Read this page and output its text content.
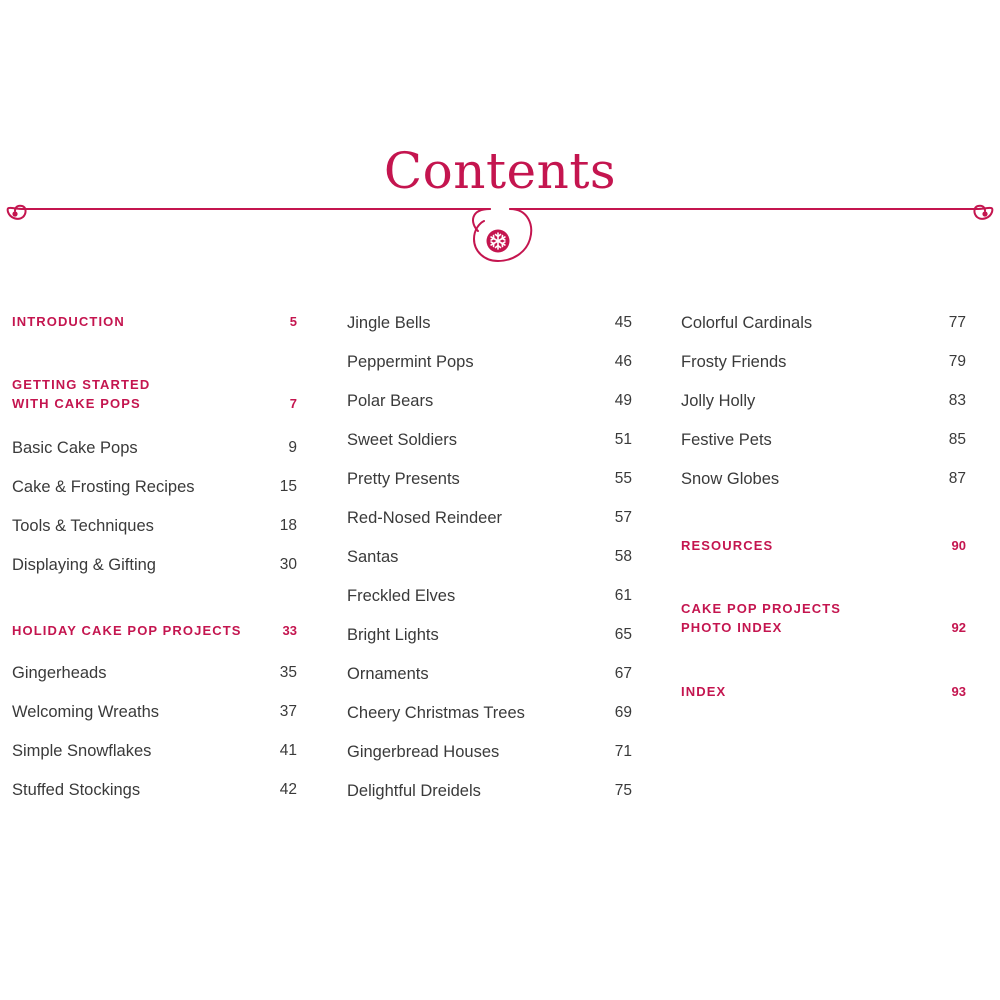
Contents
INTRODUCTION	5
GETTING STARTED
WITH CAKE POPS	7
Basic Cake Pops	9
Cake & Frosting Recipes	15
Tools & Techniques	18
Displaying & Gifting	30
HOLIDAY CAKE POP PROJECTS	33
Gingerheads	35
Welcoming Wreaths	37
Simple Snowflakes	41
Stuffed Stockings	42
Jingle Bells	45
Peppermint Pops	46
Polar Bears	49
Sweet Soldiers	51
Pretty Presents	55
Red-Nosed Reindeer	57
Santas	58
Freckled Elves	61
Bright Lights	65
Ornaments	67
Cheery Christmas Trees	69
Gingerbread Houses	71
Delightful Dreidels	75
Colorful Cardinals	77
Frosty Friends	79
Jolly Holly	83
Festive Pets	85
Snow Globes	87
RESOURCES	90
CAKE POP PROJECTS
PHOTO INDEX	92
INDEX	93
